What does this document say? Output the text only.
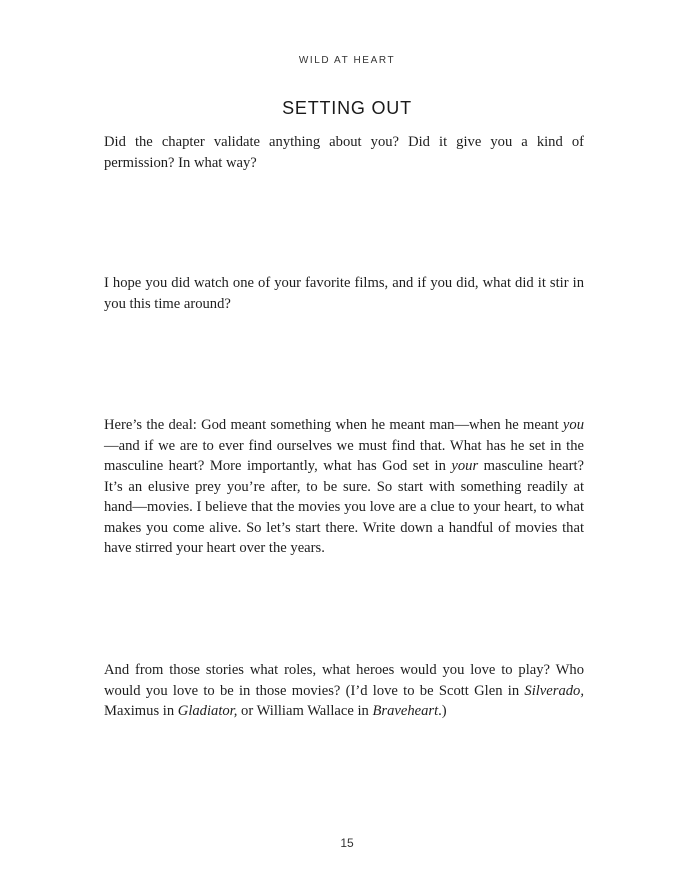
WILD AT HEART
SETTING OUT

Did the chapter validate anything about you? Did it give you a kind of permission? In what way?

I hope you did watch one of your favorite films, and if you did, what did it stir in you this time around?

Here’s the deal: God meant something when he meant man—when he meant you—and if we are to ever find ourselves we must find that. What has he set in the masculine heart? More importantly, what has God set in your masculine heart? It’s an elusive prey you’re after, to be sure. So start with something readily at hand—movies. I believe that the movies you love are a clue to your heart, to what makes you come alive. So let’s start there. Write down a handful of movies that have stirred your heart over the years.

And from those stories what roles, what heroes would you love to play? Who would you love to be in those movies? (I’d love to be Scott Glen in Silverado, Maximus in Gladiator, or William Wallace in Braveheart.)

15
